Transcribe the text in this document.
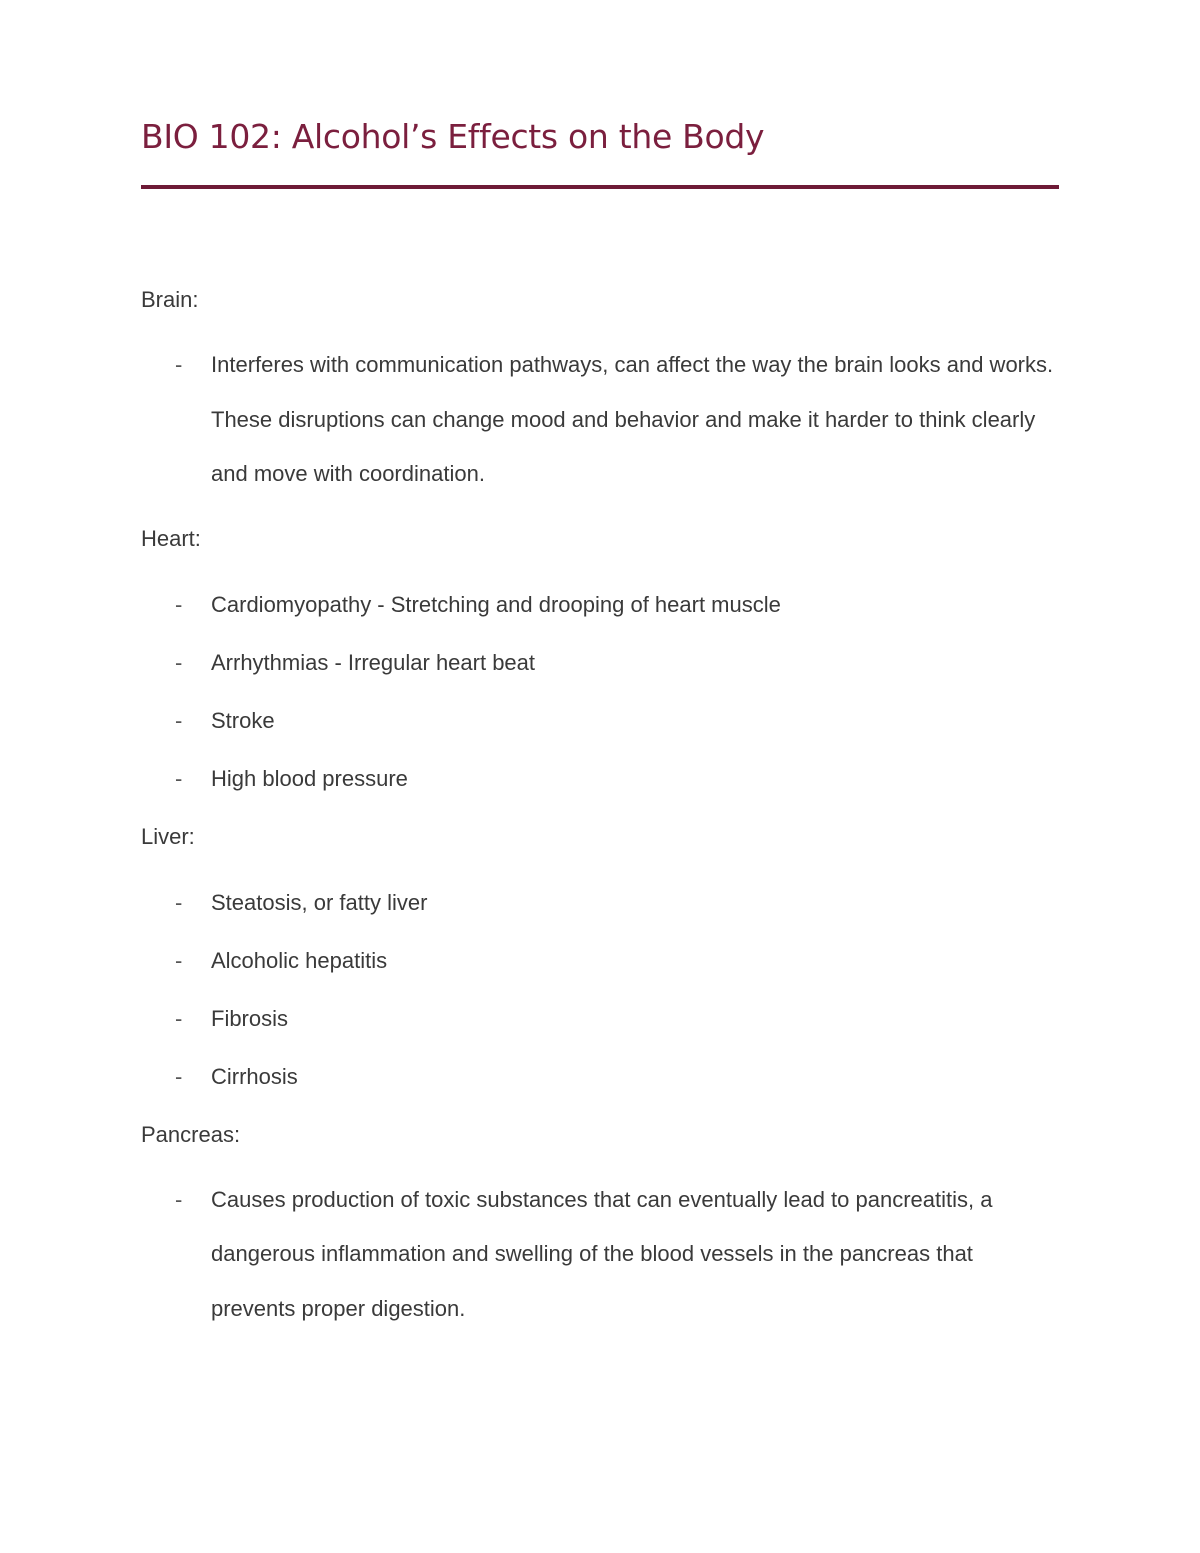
BIO 102: Alcohol’s Effects on the Body

Brain:

- Interferes with communication pathways, can affect the way the brain looks and works. These disruptions can change mood and behavior and make it harder to think clearly and move with coordination.

Heart:

- Cardiomyopathy - Stretching and drooping of heart muscle

- Arrhythmias - Irregular heart beat

- Stroke

- High blood pressure

Liver:

- Steatosis, or fatty liver

- Alcoholic hepatitis

- Fibrosis

- Cirrhosis

Pancreas:

- Causes production of toxic substances that can eventually lead to pancreatitis, a dangerous inflammation and swelling of the blood vessels in the pancreas that prevents proper digestion.
